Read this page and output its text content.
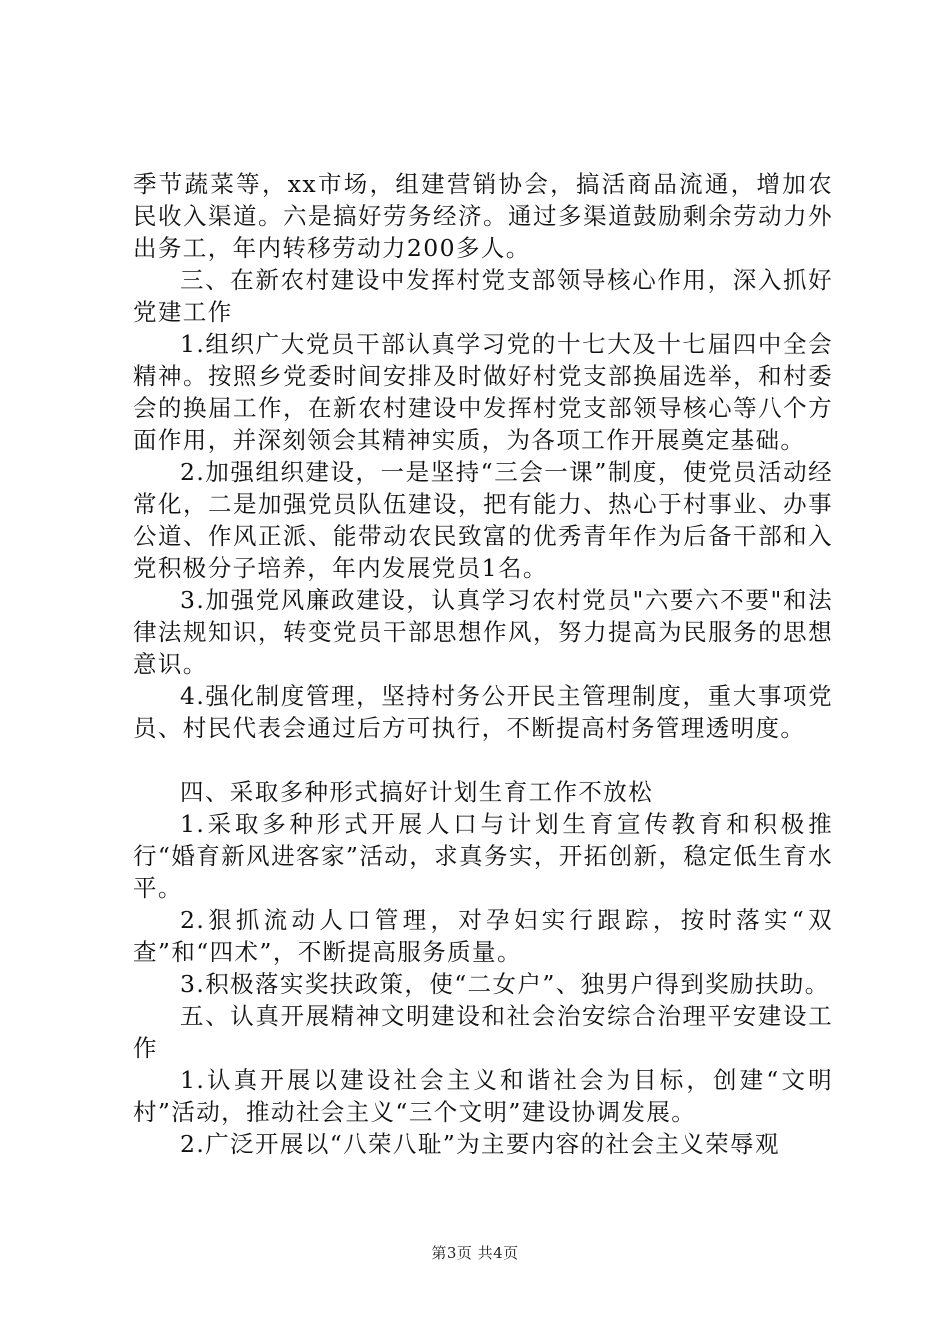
季节蔬菜等，xx市场，组建营销协会，搞活商品流通，增加农民收入渠道。六是搞好劳务经济。通过多渠道鼓励剩余劳动力外出务工，年内转移劳动力200多人。

三、在新农村建设中发挥村党支部领导核心作用，深入抓好党建工作

1.组织广大党员干部认真学习党的十七大及十七届四中全会精神。按照乡党委时间安排及时做好村党支部换届选举，和村委会的换届工作，在新农村建设中发挥村党支部领导核心等八个方面作用，并深刻领会其精神实质，为各项工作开展奠定基础。

2.加强组织建设，一是坚持“三会一课”制度，使党员活动经常化，二是加强党员队伍建设，把有能力、热心于村事业、办事公道、作风正派、能带动农民致富的优秀青年作为后备干部和入党积极分子培养，年内发展党员1名。

3.加强党风廉政建设，认真学习农村党员"六要六不要"和法律法规知识，转变党员干部思想作风，努力提高为民服务的思想意识。

4.强化制度管理，坚持村务公开民主管理制度，重大事项党员、村民代表会通过后方可执行，不断提高村务管理透明度。

四、采取多种形式搞好计划生育工作不放松

1.采取多种形式开展人口与计划生育宣传教育和积极推行“婚育新风进客家”活动，求真务实，开拓创新，稳定低生育水平。

2.狠抓流动人口管理，对孕妇实行跟踪，按时落实“双查”和“四术”，不断提高服务质量。

3.积极落实奖扶政策，使“二女户”、独男户得到奖励扶助。

五、认真开展精神文明建设和社会治安综合治理平安建设工作

1.认真开展以建设社会主义和谐社会为目标，创建“文明村”活动，推动社会主义“三个文明”建设协调发展。

2.广泛开展以“八荣八耻”为主要内容的社会主义荣辱观

第3页 共4页
